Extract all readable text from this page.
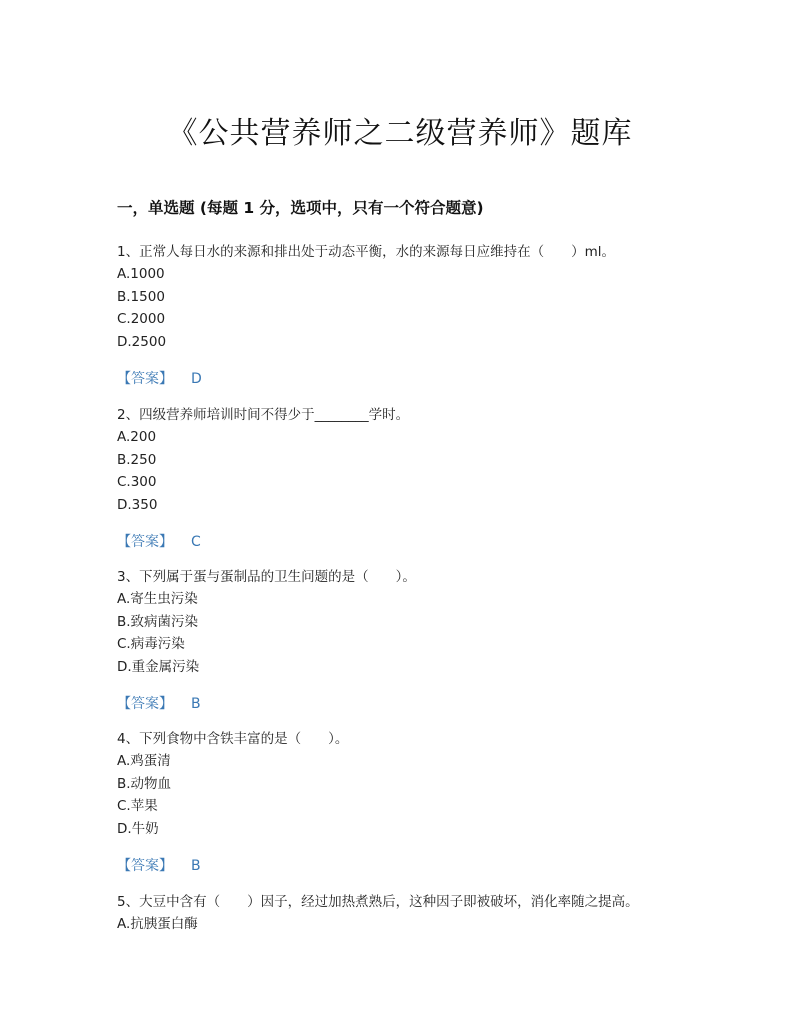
《公共营养师之二级营养师》题库
一，单选题 (每题 1 分，选项中，只有一个符合题意)
1、正常人每日水的来源和排出处于动态平衡，水的来源每日应维持在（　　）ml。
A.1000
B.1500
C.2000
D.2500
【答案】 D
2、四级营养师培训时间不得少于________学时。
A.200
B.250
C.300
D.350
【答案】 C
3、下列属于蛋与蛋制品的卫生问题的是（　　）。
A.寄生虫污染
B.致病菌污染
C.病毒污染
D.重金属污染
【答案】 B
4、下列食物中含铁丰富的是（　　）。
A.鸡蛋清
B.动物血
C.苹果
D.牛奶
【答案】 B
5、大豆中含有（　　）因子，经过加热煮熟后，这种因子即被破坏，消化率随之提高。
A.抗胰蛋白酶
